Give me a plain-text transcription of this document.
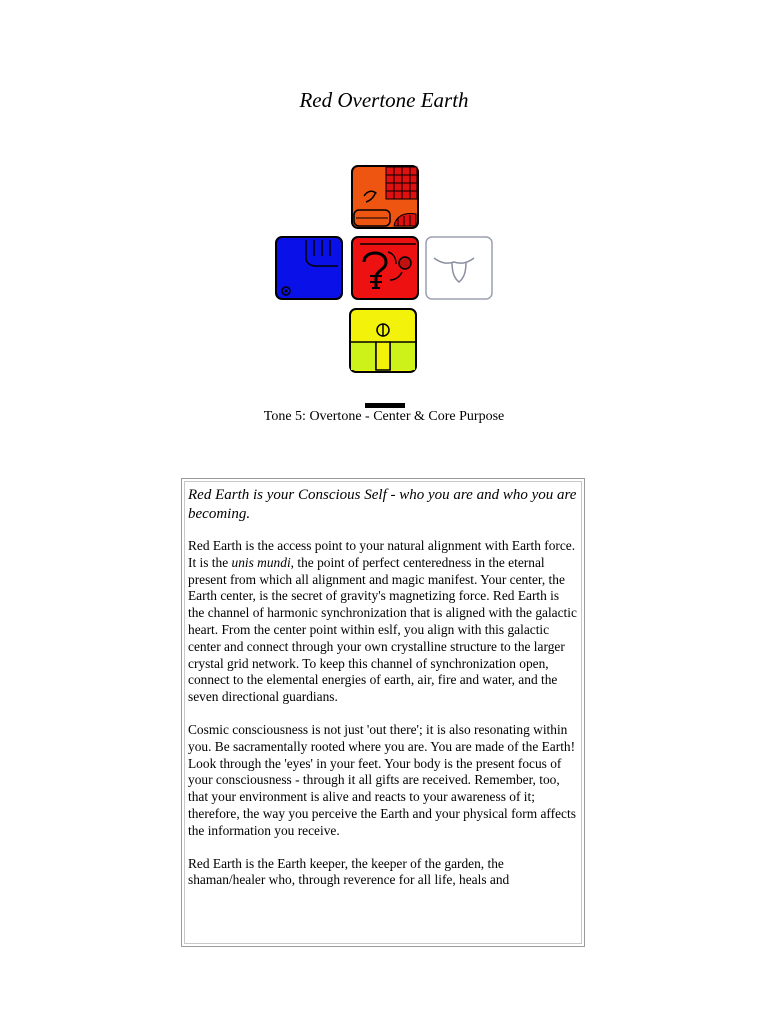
Red Overtone Earth
Tone 5: Overtone - Center & Core Purpose

Red Earth is your Conscious Self - who you are and who you are becoming.

Red Earth is the access point to your natural alignment with Earth force. It is the unis mundi, the point of perfect centeredness in the eternal present from which all alignment and magic manifest. Your center, the Earth center, is the secret of gravity's magnetizing force. Red Earth is the channel of harmonic synchronization that is aligned with the galactic heart. From the center point within eslf, you align with this galactic center and connect through your own crystalline structure to the larger crystal grid network. To keep this channel of synchronization open, connect to the elemental energies of earth, air, fire and water, and the seven directional guardians.

Cosmic consciousness is not just 'out there'; it is also resonating within you. Be sacramentally rooted where you are. You are made of the Earth! Look through the 'eyes' in your feet. Your body is the present focus of your consciousness - through it all gifts are received. Remember, too, that your environment is alive and reacts to your awareness of it; therefore, the way you perceive the Earth and your physical form affects the information you receive.

Red Earth is the Earth keeper, the keeper of the garden, the shaman/healer who, through reverence for all life, heals and
